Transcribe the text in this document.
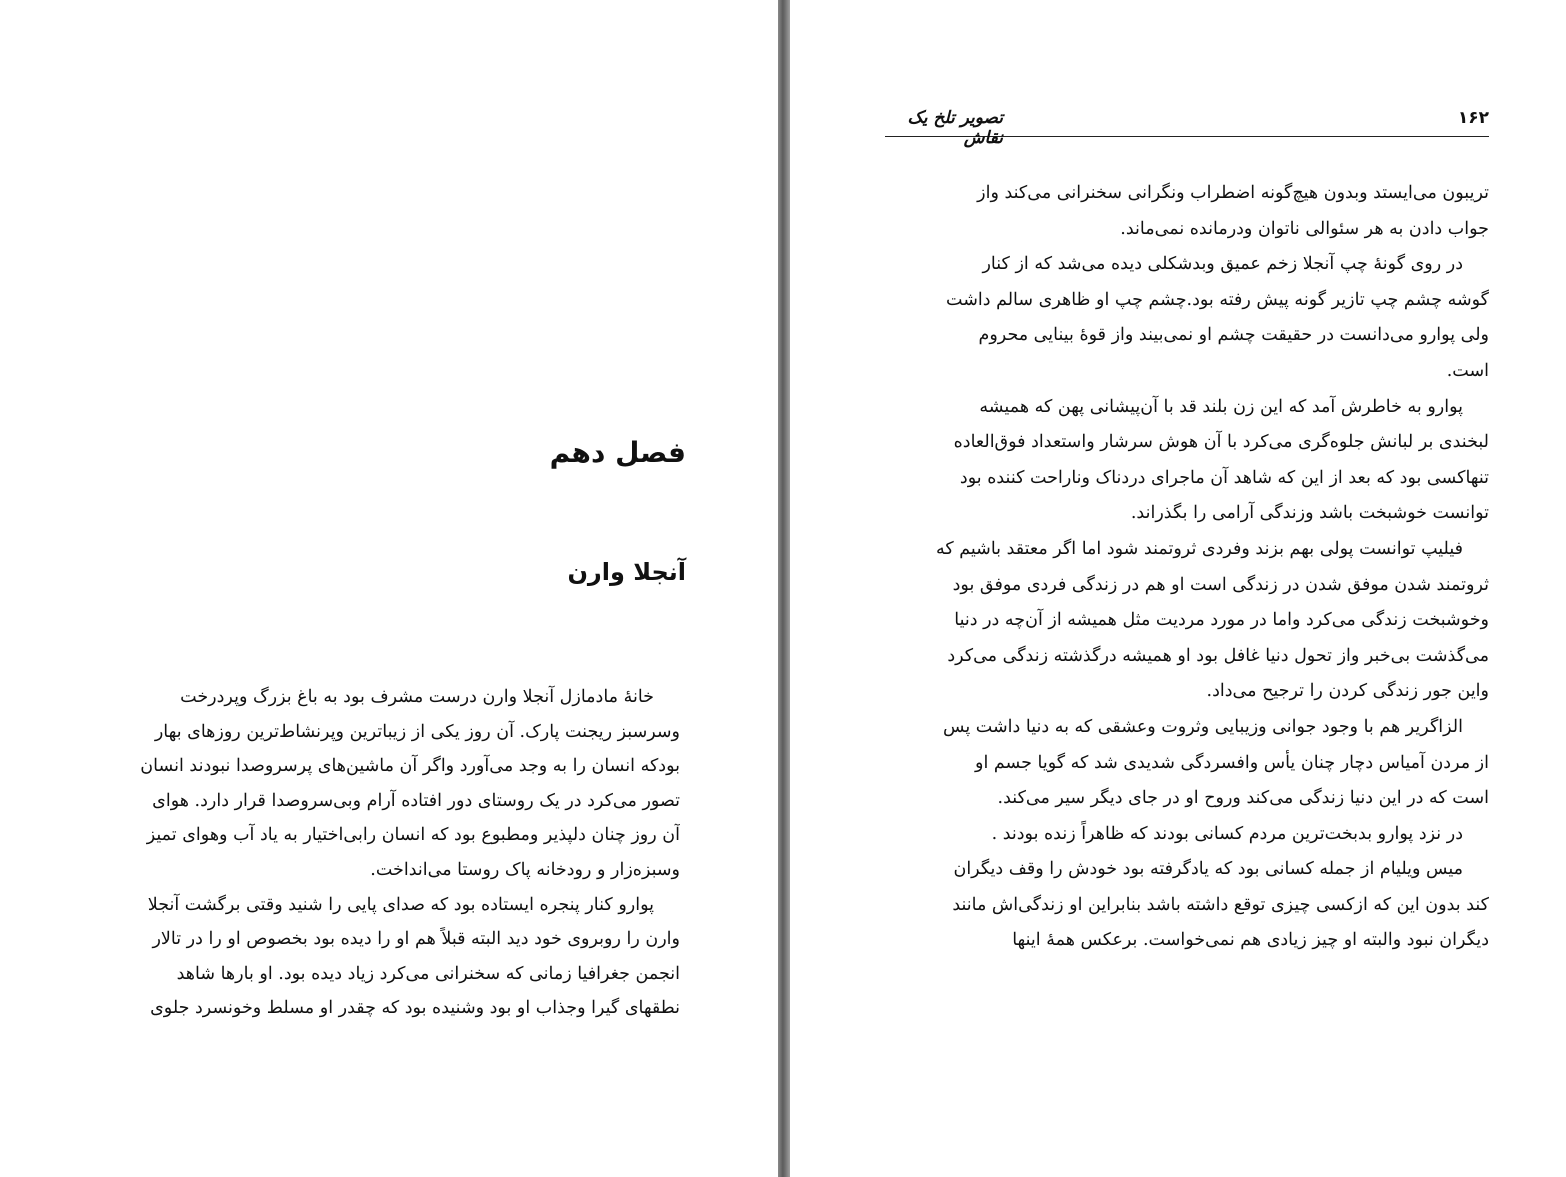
فصل دهم
آنجلا وارن
خانهٔ مادمازل آنجلا وارن درست مشرف بود به باغ بزرگ وپردرخت
وسرسبز ریجنت پارک. آن روز یکی از زیباترین وپرنشاط‌ترین روزهای بهار
بودکه انسان را به وجد می‌آورد واگر آن ماشین‌های پرسروصدا نبودند انسان
تصور می‌کرد در یک روستای دور افتاده آرام وبی‌سروصدا قرار دارد. هوای
آن روز چنان دلپذیر ومطبوع بود که انسان رابی‌اختیار به یاد آب وهوای تمیز
وسبزه‌زار و رودخانه پاک روستا می‌انداخت.
پوارو کنار پنجره ایستاده بود که صدای پایی را شنید وقتی برگشت آنجلا
وارن را روبروی خود دید البته قبلاً هم او را دیده بود بخصوص او را در تالار
انجمن جغرافیا زمانی که سخنرانی می‌کرد زیاد دیده بود. او بارها شاهد
نطقهای گیرا وجذاب او بود وشنیده بود که چقدر او مسلط وخونسرد جلوی
تصویر تلخ یک نقاش
۱۶۲
تریبون می‌ایستد وبدون هیچ‌گونه اضطراب ونگرانی سخنرانی می‌کند واز
جواب دادن به هر سئوالی ناتوان ودرمانده نمی‌ماند.
در روی گونهٔ چپ آنجلا زخم عمیق وبدشکلی دیده می‌شد که از کنار
گوشه چشم چپ تازیر گونه پیش رفته بود.چشم چپ او ظاهری سالم داشت
ولی پوارو می‌دانست در حقیقت چشم او نمی‌بیند واز قوهٔ بینایی محروم
است.
پوارو به خاطرش آمد که این زن بلند قد با آن‌پیشانی پهن که همیشه
لبخندی بر لبانش جلوه‌گری می‌کرد با آن هوش سرشار واستعداد فوق‌العاده
تنهاکسی بود که بعد از این که شاهد آن ماجرای دردناک وناراحت کننده بود
توانست خوشبخت باشد وزندگی آرامی را بگذراند.
فیلیپ توانست پولی بهم بزند وفردی ثروتمند شود اما اگر معتقد باشیم که
ثروتمند شدن موفق شدن در زندگی است او هم در زندگی فردی موفق بود
وخوشبخت زندگی می‌کرد واما در مورد مردیت مثل همیشه از آن‌چه در دنیا
می‌گذشت بی‌خبر واز تحول دنیا غافل بود او همیشه درگذشته زندگی می‌کرد
واین جور زندگی کردن را ترجیح می‌داد.
الزاگریر هم با وجود جوانی وزیبایی وثروت وعشقی که به دنیا داشت پس
از مردن آمیاس دچار چنان یأس وافسردگی شدیدی شد که گویا جسم او
است که در این دنیا زندگی می‌کند وروح او در جای دیگر سیر می‌کند.
در نزد پوارو بدبخت‌ترین مردم کسانی بودند که ظاهراً زنده بودند .
میس ویلیام از جمله کسانی بود که یادگرفته بود خودش را وقف دیگران
کند بدون این که ازکسی چیزی توقع داشته باشد بنابراین او زندگی‌اش مانند
دیگران نبود والبته او چیز زیادی هم نمی‌خواست. برعکس همهٔ اینها
